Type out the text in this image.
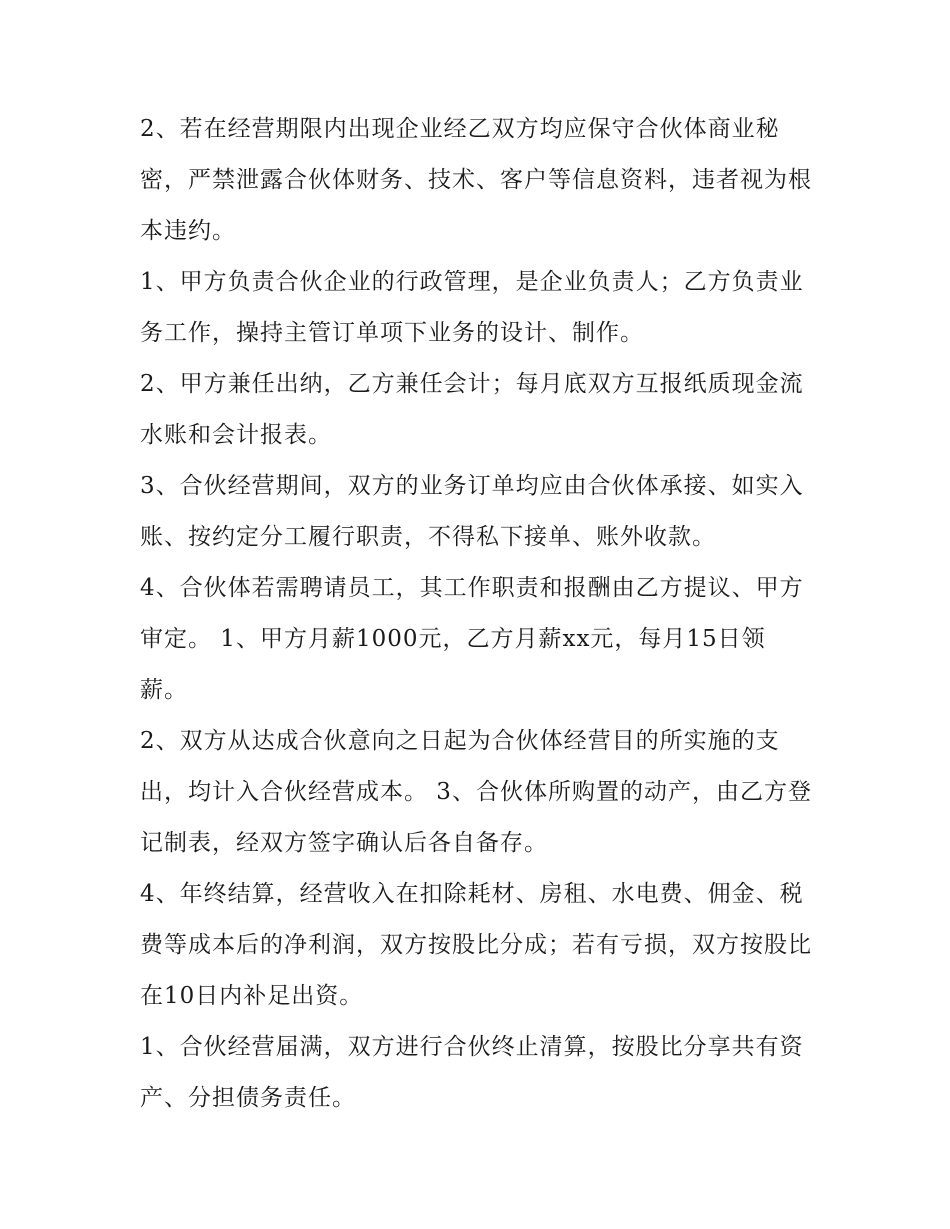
2、若在经营期限内出现企业经乙双方均应保守合伙体商业秘密，严禁泄露合伙体财务、技术、客户等信息资料，违者视为根本违约。

1、甲方负责合伙企业的行政管理，是企业负责人；乙方负责业务工作，操持主管订单项下业务的设计、制作。

2、甲方兼任出纳，乙方兼任会计；每月底双方互报纸质现金流水账和会计报表。

3、合伙经营期间，双方的业务订单均应由合伙体承接、如实入账、按约定分工履行职责，不得私下接单、账外收款。

4、合伙体若需聘请员工，其工作职责和报酬由乙方提议、甲方审定。 1、甲方月薪1000元，乙方月薪xx元，每月15日领薪。

2、双方从达成合伙意向之日起为合伙体经营目的所实施的支出，均计入合伙经营成本。 3、合伙体所购置的动产，由乙方登记制表，经双方签字确认后各自备存。

4、年终结算，经营收入在扣除耗材、房租、水电费、佣金、税费等成本后的净利润，双方按股比分成；若有亏损，双方按股比在10日内补足出资。

1、合伙经营届满，双方进行合伙终止清算，按股比分享共有资产、分担债务责任。
